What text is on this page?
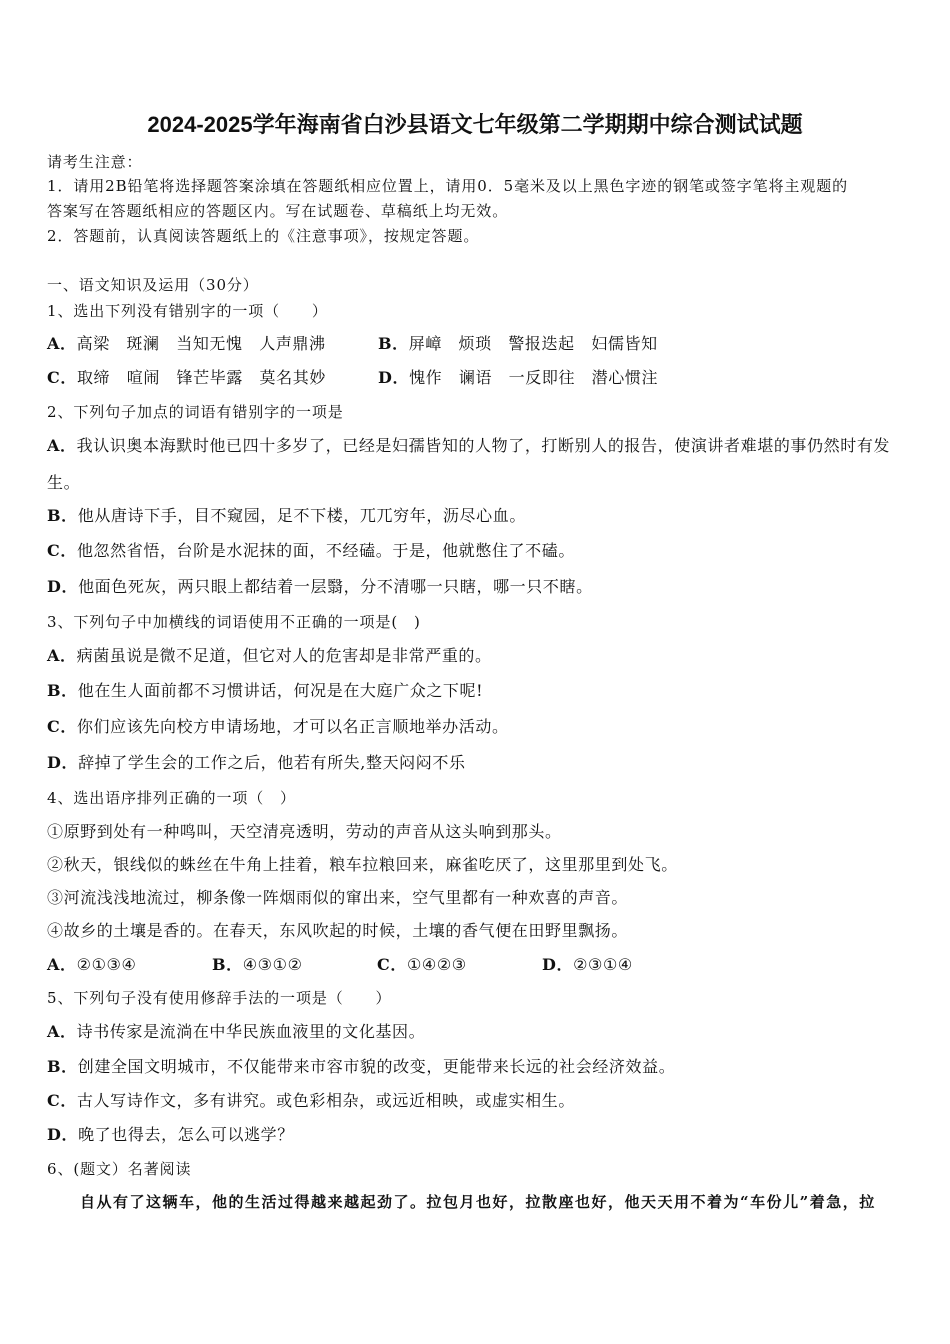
2024-2025学年海南省白沙县语文七年级第二学期期中综合测试试题
请考生注意：
1．请用2B铅笔将选择题答案涂填在答题纸相应位置上，请用0．5毫米及以上黑色字迹的钢笔或签字笔将主观题的
答案写在答题纸相应的答题区内。写在试题卷、草稿纸上均无效。
2．答题前，认真阅读答题纸上的《注意事项》，按规定答题。
一、语文知识及运用（30分）
1、选出下列没有错别字的一项（　　）
A．高梁　斑澜　当知无愧　人声鼎沸	B．屏嶂　烦琐　警报迭起　妇儒皆知
C．取缔　喧闹　锋芒毕露　莫名其妙	D．愧作　谰语　一反即往　潜心惯注
2、下列句子加点的词语有错别字的一项是
A．我认识奥本海默时他已四十多岁了，已经是妇孺皆知的人物了，打断别人的报告，使演讲者难堪的事仍然时有发
生。
B．他从唐诗下手，目不窥园，足不下楼，兀兀穷年，沥尽心血。
C．他忽然省悟，台阶是水泥抹的面，不经磕。于是，他就憋住了不磕。
D．他面色死灰，两只眼上都结着一层翳，分不清哪一只瞎，哪一只不瞎。
3、下列句子中加横线的词语使用不正确的一项是(　)
A．病菌虽说是微不足道，但它对人的危害却是非常严重的。
B．他在生人面前都不习惯讲话，何况是在大庭广众之下呢!
C．你们应该先向校方申请场地，才可以名正言顺地举办活动。
D．辞掉了学生会的工作之后，他若有所失,整天闷闷不乐
4、选出语序排列正确的一项（　）
①原野到处有一种鸣叫，天空清亮透明，劳动的声音从这头响到那头。
②秋天，银线似的蛛丝在牛角上挂着，粮车拉粮回来，麻雀吃厌了，这里那里到处飞。
③河流浅浅地流过，柳条像一阵烟雨似的窜出来，空气里都有一种欢喜的声音。
④故乡的土壤是香的。在春天，东风吹起的时候，土壤的香气便在田野里飘扬。
A．②①③④	B．④③①②	C．①④②③	D．②③①④
5、下列句子没有使用修辞手法的一项是（　　）
A．诗书传家是流淌在中华民族血液里的文化基因。
B．创建全国文明城市，不仅能带来市容市貌的改变，更能带来长远的社会经济效益。
C．古人写诗作文，多有讲究。或色彩相杂，或远近相映，或虚实相生。
D．晚了也得去，怎么可以逃学？
6、(题文）名著阅读
自从有了这辆车，他的生活过得越来越起劲了。拉包月也好，拉散座也好，他天天用不着为“车份儿”着急，拉
